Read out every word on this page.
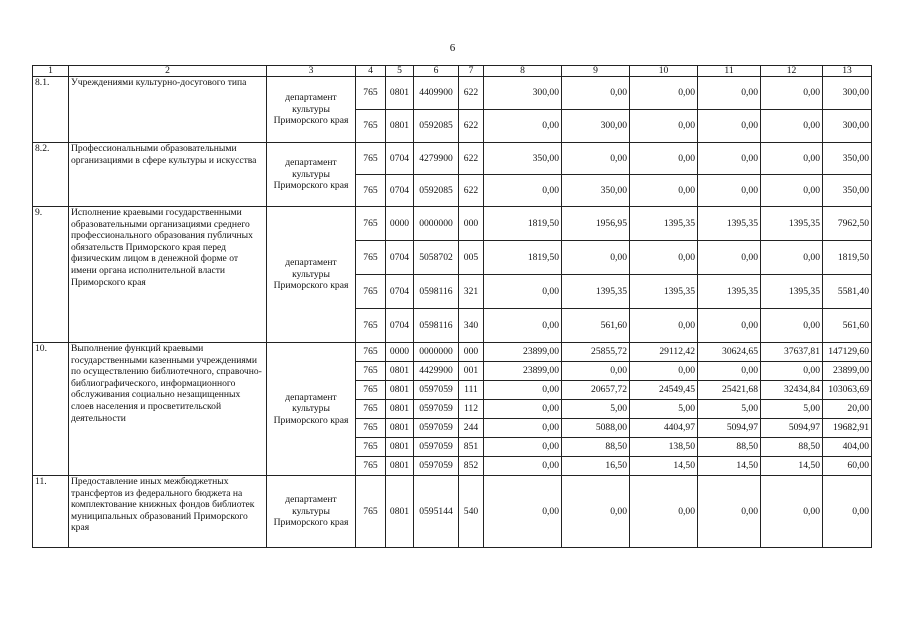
6
1	2	3	4	5	6	7	8	9	10	11	12	13
8.1.	Учреждениями культурно-досугового типа	департамент культуры Приморского края	765	0801	4409900	622	300,00	0,00	0,00	0,00	0,00	300,00
			765	0801	0592085	622	0,00	300,00	0,00	0,00	0,00	300,00
8.2.	Профессиональными образовательными организациями в сфере культуры и искусства	департамент культуры Приморского края	765	0704	4279900	622	350,00	0,00	0,00	0,00	0,00	350,00
			765	0704	0592085	622	0,00	350,00	0,00	0,00	0,00	350,00
9.	Исполнение краевыми государственными образовательными организациями среднего профессионального образования публичных обязательств Приморского края перед физическим лицом в денежной форме от имени органа исполнительной власти Приморского края	департамент культуры Приморского края	765	0000	0000000	000	1819,50	1956,95	1395,35	1395,35	1395,35	7962,50
			765	0704	5058702	005	1819,50	0,00	0,00	0,00	0,00	1819,50
			765	0704	0598116	321	0,00	1395,35	1395,35	1395,35	1395,35	5581,40
			765	0704	0598116	340	0,00	561,60	0,00	0,00	0,00	561,60
10.	Выполнение функций краевыми государственными казенными учреждениями по осуществлению библиотечного, справочно-библиографического, информационного обслуживания социально незащищенных слоев населения и просветительской деятельности	департамент культуры Приморского края	765	0000	0000000	000	23899,00	25855,72	29112,42	30624,65	37637,81	147129,60
			765	0801	4429900	001	23899,00	0,00	0,00	0,00	0,00	23899,00
			765	0801	0597059	111	0,00	20657,72	24549,45	25421,68	32434,84	103063,69
			765	0801	0597059	112	0,00	5,00	5,00	5,00	5,00	20,00
			765	0801	0597059	244	0,00	5088,00	4404,97	5094,97	5094,97	19682,91
			765	0801	0597059	851	0,00	88,50	138,50	88,50	88,50	404,00
			765	0801	0597059	852	0,00	16,50	14,50	14,50	14,50	60,00
11.	Предоставление иных межбюджетных трансфертов из федерального бюджета на комплектование книжных фондов библиотек муниципальных образований Приморского края	департамент культуры Приморского края	765	0801	0595144	540	0,00	0,00	0,00	0,00	0,00	0,00
